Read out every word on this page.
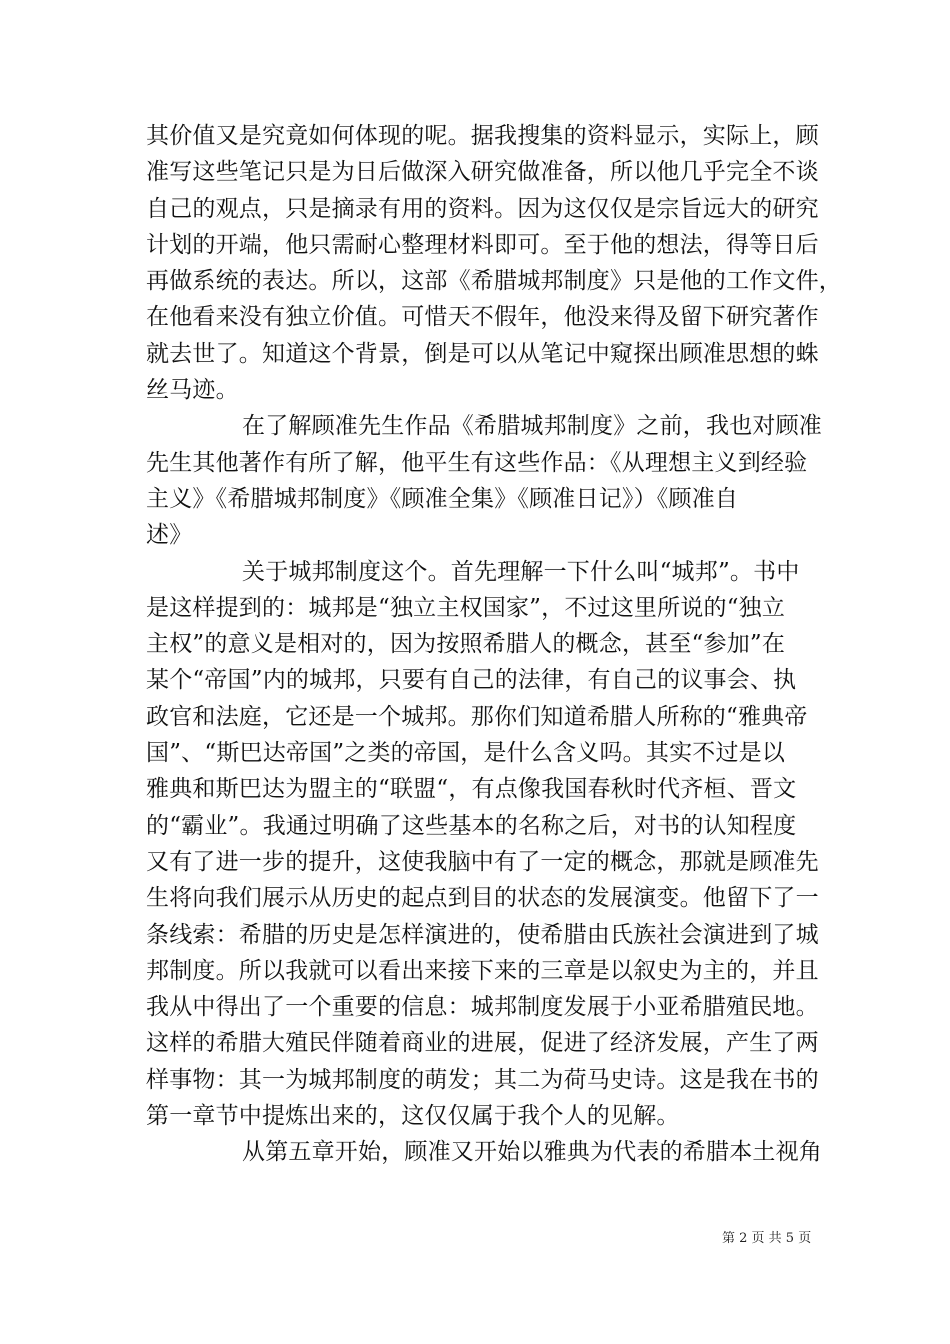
其价值又是究竟如何体现的呢。据我搜集的资料显示，实际上，顾
准写这些笔记只是为日后做深入研究做准备，所以他几乎完全不谈
自己的观点，只是摘录有用的资料。因为这仅仅是宗旨远大的研究
计划的开端，他只需耐心整理材料即可。至于他的想法，得等日后
再做系统的表达。所以，这部《希腊城邦制度》只是他的工作文件，
在他看来没有独立价值。可惜天不假年，他没来得及留下研究著作
就去世了。知道这个背景，倒是可以从笔记中窥探出顾准思想的蛛
丝马迹。
在了解顾准先生作品《希腊城邦制度》之前，我也对顾准
先生其他著作有所了解，他平生有这些作品：《从理想主义到经验
主义》《希腊城邦制度》《顾准全集》《顾准日记》）《顾准自
述》
关于城邦制度这个。首先理解一下什么叫“城邦”。书中
是这样提到的：城邦是“独立主权国家”，不过这里所说的“独立
主权”的意义是相对的，因为按照希腊人的概念，甚至“参加”在
某个“帝国”内的城邦，只要有自己的法律，有自己的议事会、执
政官和法庭，它还是一个城邦。那你们知道希腊人所称的“雅典帝
国”、“斯巴达帝国”之类的帝国，是什么含义吗。其实不过是以
雅典和斯巴达为盟主的“联盟“，有点像我国春秋时代齐桓、晋文
的“霸业”。我通过明确了这些基本的名称之后，对书的认知程度
又有了进一步的提升，这使我脑中有了一定的概念，那就是顾准先
生将向我们展示从历史的起点到目的状态的发展演变。他留下了一
条线索：希腊的历史是怎样演进的，使希腊由氏族社会演进到了城
邦制度。所以我就可以看出来接下来的三章是以叙史为主的，并且
我从中得出了一个重要的信息：城邦制度发展于小亚希腊殖民地。
这样的希腊大殖民伴随着商业的进展，促进了经济发展，产生了两
样事物：其一为城邦制度的萌发；其二为荷马史诗。这是我在书的
第一章节中提炼出来的，这仅仅属于我个人的见解。
从第五章开始，顾准又开始以雅典为代表的希腊本土视角
第 2 页 共 5 页
